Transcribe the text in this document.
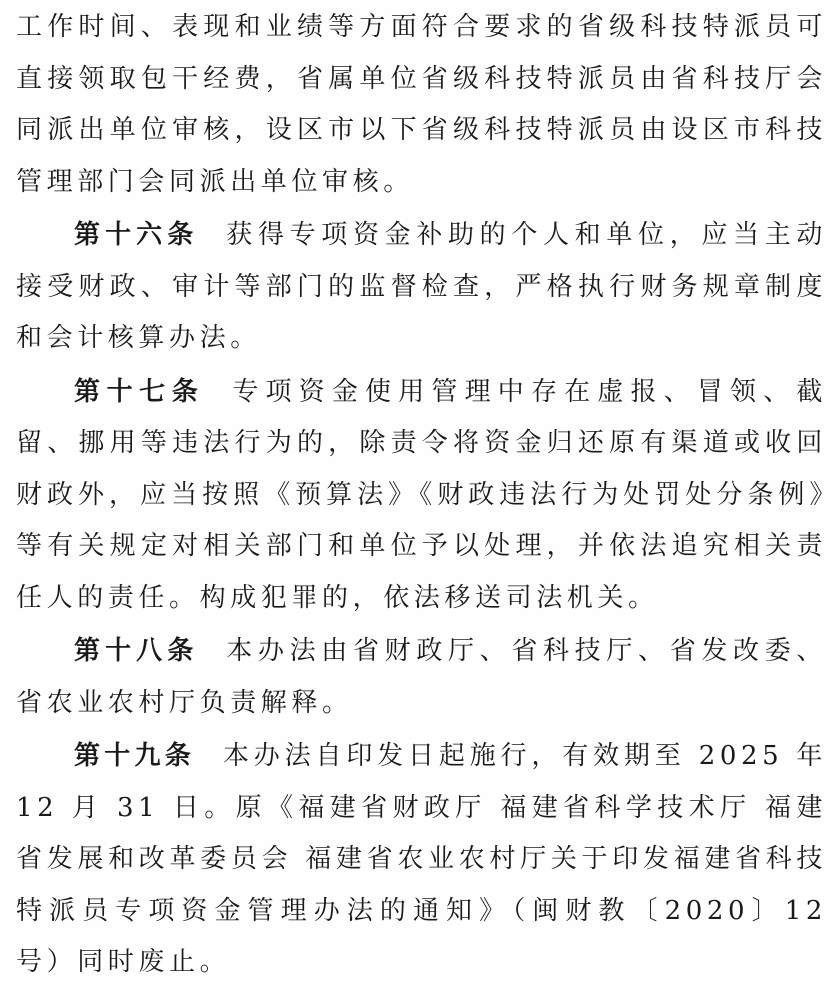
工作时间、表现和业绩等方面符合要求的省级科技特派员可直接领取包干经费，省属单位省级科技特派员由省科技厅会同派出单位审核，设区市以下省级科技特派员由设区市科技管理部门会同派出单位审核。

第十六条 获得专项资金补助的个人和单位，应当主动接受财政、审计等部门的监督检查，严格执行财务规章制度和会计核算办法。

第十七条 专项资金使用管理中存在虚报、冒领、截留、挪用等违法行为的，除责令将资金归还原有渠道或收回财政外，应当按照《预算法》《财政违法行为处罚处分条例》等有关规定对相关部门和单位予以处理，并依法追究相关责任人的责任。构成犯罪的，依法移送司法机关。

第十八条 本办法由省财政厅、省科技厅、省发改委、省农业农村厅负责解释。

第十九条 本办法自印发日起施行，有效期至 2025 年 12 月 31 日。原《福建省财政厅 福建省科学技术厅 福建省发展和改革委员会 福建省农业农村厅关于印发福建省科技特派员专项资金管理办法的通知》（闽财教〔2020〕12 号）同时废止。
